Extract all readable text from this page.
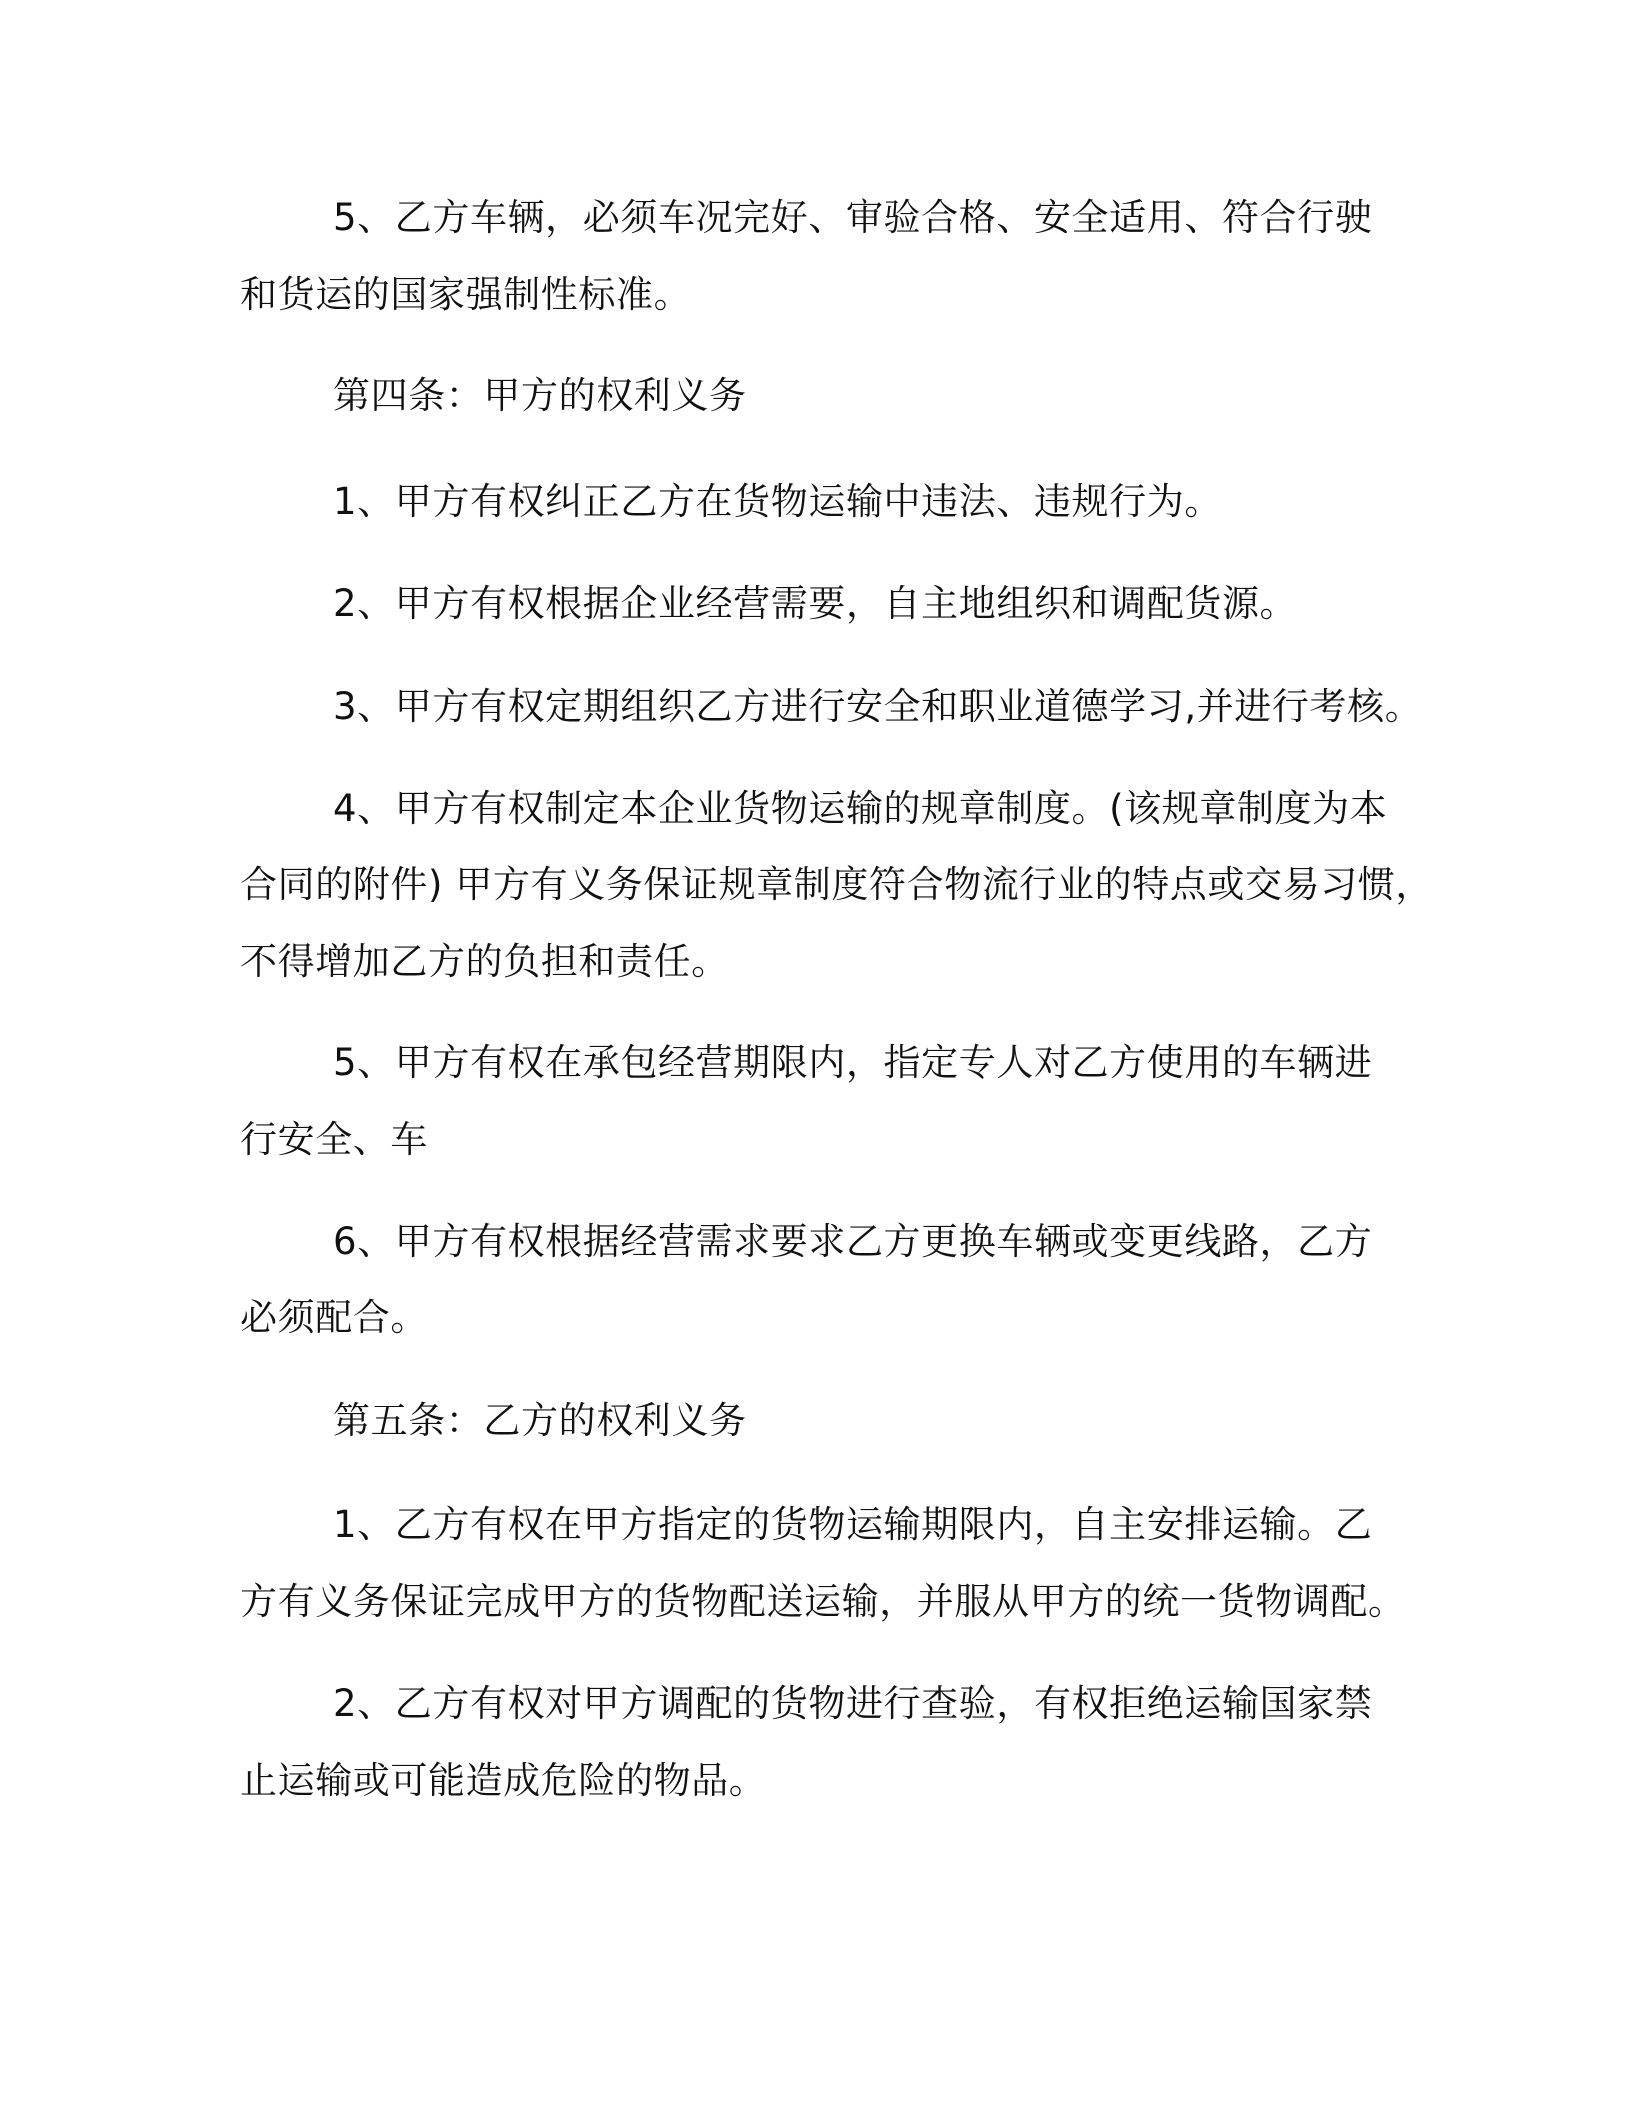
5、乙方车辆，必须车况完好、审验合格、安全适用、符合行驶

和货运的国家强制性标准。

第四条：甲方的权利义务

1、甲方有权纠正乙方在货物运输中违法、违规行为。

2、甲方有权根据企业经营需要，自主地组织和调配货源。

3、甲方有权定期组织乙方进行安全和职业道德学习,并进行考核。

4、甲方有权制定本企业货物运输的规章制度。(该规章制度为本

合同的附件) 甲方有义务保证规章制度符合物流行业的特点或交易习惯，

不得增加乙方的负担和责任。

5、甲方有权在承包经营期限内，指定专人对乙方使用的车辆进

行安全、车

6、甲方有权根据经营需求要求乙方更换车辆或变更线路，乙方

必须配合。

第五条：乙方的权利义务

1、乙方有权在甲方指定的货物运输期限内，自主安排运输。乙

方有义务保证完成甲方的货物配送运输，并服从甲方的统一货物调配。

2、乙方有权对甲方调配的货物进行查验，有权拒绝运输国家禁

止运输或可能造成危险的物品。
